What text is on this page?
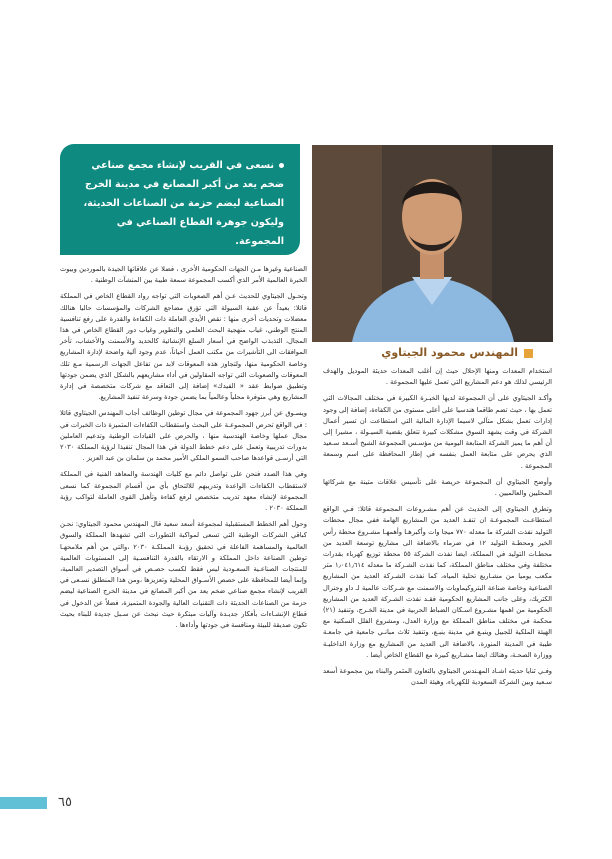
نسعى في القريب لإنشاء مجمع صناعي ضخم يعد من أكبر المصانع في مدينة الخرج الصناعية ليضم حزمة من الصناعات الحديثة، وليكون جوهرة القطاع الصناعي في المجموعة.
المهندس محمود الجيتاوي

الصناعية وغيرها مـن الجهات الحكومية الأخرى ، فضلا عن علاقاتها الجيدة بالموردين وبيوت الخبرة العالمية الأمر الذي أكسب المجموعة سمعة طيبة بين المنشآت الوطنية .

وتحـول الجيتاوي للحديث عـن أهم الصعوبات التي تواجه رواد القطاع الخاص في المملكة قائلا: بعيداً عن عقبة السيولة التي تؤرق مضاجع الشركات والمؤسسات حاليا هنالك معضلات وتحديات أخرى منها : نقص الأيدي العاملة ذات الكفاءة والقدرة على رفع تنافسية المنتج الوطني، غياب منهجية البحث العلمي والتطوير وغياب دور القطاع الخاص في هذا المجال، التذبذب الواضح في أسعار السلع الإنشائية كالحديد والأسمنت والأخشاب، تأخر الموافقات الى التأشيرات من مكتب العمل أحياناً، عدم وجود آلية واضحة لإدارة المشاريع وخاصة الحكومية منها، ولتجاوز هذه المعوقات لابد من تفاعل الجهات الرسمية مـع تلك المعوقات والصعوبات التي تواجه المقاولين في أداء مشاريعهم بالشكل الذي يضمن جودتها وتطبيق ضوابط عقد « الفيدك» إضافة إلى التعاقد مع شركات متخصصة في إدارة المشاريع وهي متوفرة محلياً وعالمياً بما يضمن جودة وسرعة تنفيذ المشاريع.

ويسـوق عن أبرز جهود المجموعة في مجال توطين الوظائف أجاب المهندس الجيتاوي قائلا : في الواقع تحرص المجموعـة على البحث واستقطاب الكفاءات المتميزة ذات الخبرات في مجال عملها وخاصة الهندسية منها ، والحرص على القيادات الوطنية وتدعيم العاملين بدورات تدريبية وتعمل على دعم خطط الدولة في هذا المجال تنفيذا لرؤية المملكة ٢٠٣٠ التي أرسـى قواعدها صاحب السمو الملكي الأمير محمد بن سلمان بن عبد العزيز .

وفي هذا الصدد فنحن على تواصل دائم مع كليات الهندسة والمعاهد الفنية في المملكة لاستقطاب الكفاءات الواعدة وتدريبهم للالتحاق بأي من أقسام المجموعة كما نسعى المجموعة لإنشاء معهد تدريب متخصص لرفع كفاءة وتأهيل القوى العاملة لتواكب رؤية المملكة ٢٠٣٠ .

وحول أهم الخطط المستقبلية لمجموعة أسعد سعيد قال المهندس محمود الجيتاوي: نحـن كباقي الشركات الوطنية التي تسعى لمواكبة التطورات التي تشهدها المملكة والسوق العالمية والمساهمة الفاعلة في تحقيق رؤيـة المملكـة ٢٠٣٠ ،والتي من أهم ملامحهـا توطين الصناعة داخل المملكة و الارتقاء بالقدرة التنافسـية إلى المستويات العالمية للمنتجات الصناعـية السعـودية ليس فقط لكسب حصـص في أسواق التصدير العالمية، وإنما أيضا للمحافظة على حصص الأسـواق المحلية وتعزيزها ،ومن هذا المنطلق نسـعى في القريب لإنشاء مجمع صناعي ضخم يعد من أكبر المصانع في مدينة الخرج الصناعية ليضم حزمة من الصناعات الحديثة ذات التقنيات العالية والجودة المتميزة، فضلاً عن الدخول في قطاع الإنشـاءات بأفكار جديـدة وآليات مبتكرة حيث نبحث عن سـبل جديدة للبناء بحيث تكون صديقة للبيئة ومنافسة في جودتها وأداءها .

استخدام المعدات ومنها الإحلال حيث إن أغلب المعدات حديثة الموديل والهدف الرئيسي لذلك هو دعم المشاريع التي تعمل عليها المجموعة .

وأكـد الجيتاوي على أن المجموعة لديها الخبـرة الكبيرة في مختلف المجالات التي تعمل بها ، حيث تضم طاقما هندسيا على أعلى مستوى من الكفاءة، إضافة إلى وجود إدارات تعمل بشكل متآلي لاسيما الإدارة المالية التي استطاعت ان تسير أعمال الشركة في وقت يشهد السوق مشكلات كبيرة تتعلق بقضية السيـولة ، مشيرا إلى أن أهم ما يميز الشركة المتابعة اليومية من مؤسـس المجموعة الشيخ أسـعد سـعيد الذي يحرص على متابعة العمل بنفسه في إطار المحافظة على اسم وسمعة المجموعة .

وأوضح الجيتاوي أن المجموعة حريصة على تأسيس علاقات متينة مع شركائها المحليين والعالميين .

وتطرق الجيتاوي إلى الحديث عن أهم مشـروعات المجموعة قائلا: فـي الواقع استطاعـت المجموعـة ان تنفـذ العديد من المشاريع الهامة ففي مجال محطات التوليد نفذت الشركة ما معدله ٧٧٠ ميجا وات وأكبرهـا وأهمهـا مشـروع محطة رأس الخير ومحطـة التوليد ١٢ في ضرماء بالاضافة الى مشاريع توسعة العديد من محطـات التوليد في المملكة، ايضا نفذت الشركة ٥٥ محطة توزيع كهرباء بقدرات مختلفة وفي مختلف مناطق المملكة، كما نفذت الشـركة ما معدله ١٫٠٤١٫٦١٤ متر مكعب يوميا من مشـاريع تحلية المياه، كما نفذت الشـركة العديد من المشاريع الصناعية وخاصة صناعة البتروكيماويات والاسمنت مع شـركات عالمية لـ داو وجنرال الكتريك، وعلى جانب المشاريع الحكومية فقـد نفذت الشـركة العديد من المشاريع الحكومية من اهمها مشـروع اسـكان الضباط الحربية في مدينة الخـرج، وتنفيذ (٢١) محكمة في مختلف مناطق المملكة مع وزارة العدل، ومشروع الفلل السكنية مع الهيئة الملكية للجبيل وينبـع في مدينة ينبـع، وتنفيذ ثلاث مبانـي جامعية في جامعـة طيبة في المدينة المنورة، بالاضافة الى العديد من المشاريع مع وزارة الداخليـة ووزارة الصحـة، وهنالك ايضا مشـاريع كبيرة مع القطاع الخاص أيضا .

وفـي ثنايا حديثه اشـاد المهـندس الجيتاوي بالتعاون المثمر والبناء بين مجموعة أسعد سـعيد وبين الشركة السعودية للكهرباء، وهيئة المدن

٦٥
